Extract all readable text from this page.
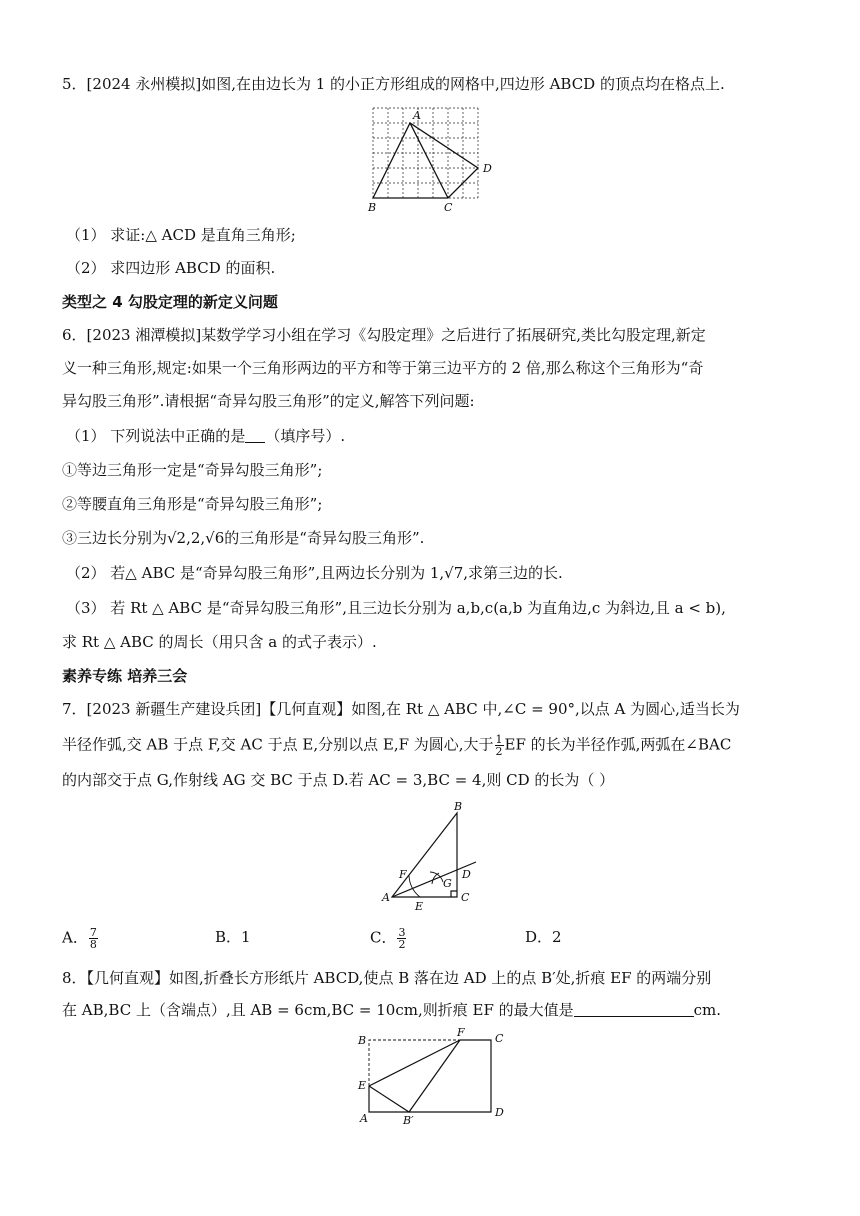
5．[2024 永州模拟]如图,在由边长为 1 的小正方形组成的网格中,四边形 ABCD 的顶点均在格点上.
A
B	C
D
（1） 求证:△ ACD 是直角三角形;
（2） 求四边形 ABCD 的面积.
类型之 4 勾股定理的新定义问题
6．[2023 湘潭模拟]某数学学习小组在学习《勾股定理》之后进行了拓展研究,类比勾股定理,新定
义一种三角形,规定:如果一个三角形两边的平方和等于第三边平方的 2 倍,那么称这个三角形为“奇
异勾股三角形”.请根据“奇异勾股三角形”的定义,解答下列问题:
（1） 下列说法中正确的是 （填序号）.
①等边三角形一定是“奇异勾股三角形”;
②等腰直角三角形是“奇异勾股三角形”;
③三边长分别为√2,2,√6的三角形是“奇异勾股三角形”.
（2） 若△ ABC 是“奇异勾股三角形”,且两边长分别为 1,√7,求第三边的长.
（3） 若 Rt △ ABC 是“奇异勾股三角形”,且三边长分别为 a,b,c(a,b 为直角边,c 为斜边,且 a < b),
求 Rt △ ABC 的周长（用只含 a 的式子表示）.
素养专练 培养三会
7．[2023 新疆生产建设兵团]【几何直观】如图,在 Rt △ ABC 中,∠C = 90°,以点 A 为圆心,适当长为
半径作弧,交 AB 于点 F,交 AC 于点 E,分别以点 E,F 为圆心,大于 $\frac{1}{2}$ EF 的长为半径作弧,两弧在∠BAC
的内部交于点 G,作射线 AG 交 BC 于点 D.若 AC = 3,BC = 4,则 CD 的长为（ ）
B
F
G
D
A
E
C
A． $\frac{7}{8}$	B．1	C． $\frac{3}{2}$	D．2
8．【几何直观】如图,折叠长方形纸片 ABCD,使点 B 落在边 AD 上的点 B′处,折痕 EF 的两端分别
在 AB,BC 上（含端点）,且 AB = 6cm,BC = 10cm,则折痕 EF 的最大值是	cm.
B
F	C
E
A	B′
D
